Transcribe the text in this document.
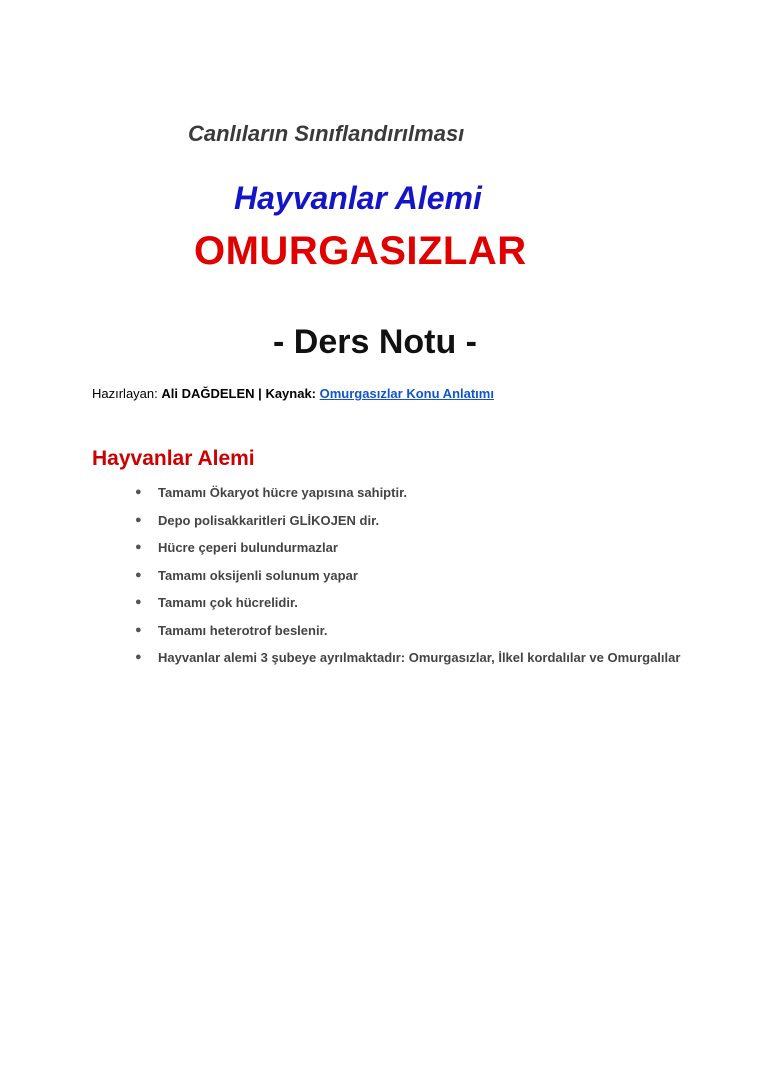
Canlıların Sınıflandırılması
Hayvanlar Alemi
OMURGASIZLAR
- Ders Notu -
Hazırlayan: Ali DAĞDELEN | Kaynak: Omurgasızlar Konu Anlatımı
Hayvanlar Alemi
● Tamamı Ökaryot hücre yapısına sahiptir.
● Depo polisakkaritleri GLİKOJEN dir.
● Hücre çeperi bulundurmazlar
● Tamamı oksijenli solunum yapar
● Tamamı çok hücrelidir.
● Tamamı heterotrof beslenir.
● Hayvanlar alemi 3 şubeye ayrılmaktadır: Omurgasızlar, İlkel kordalılar ve Omurgalılar
